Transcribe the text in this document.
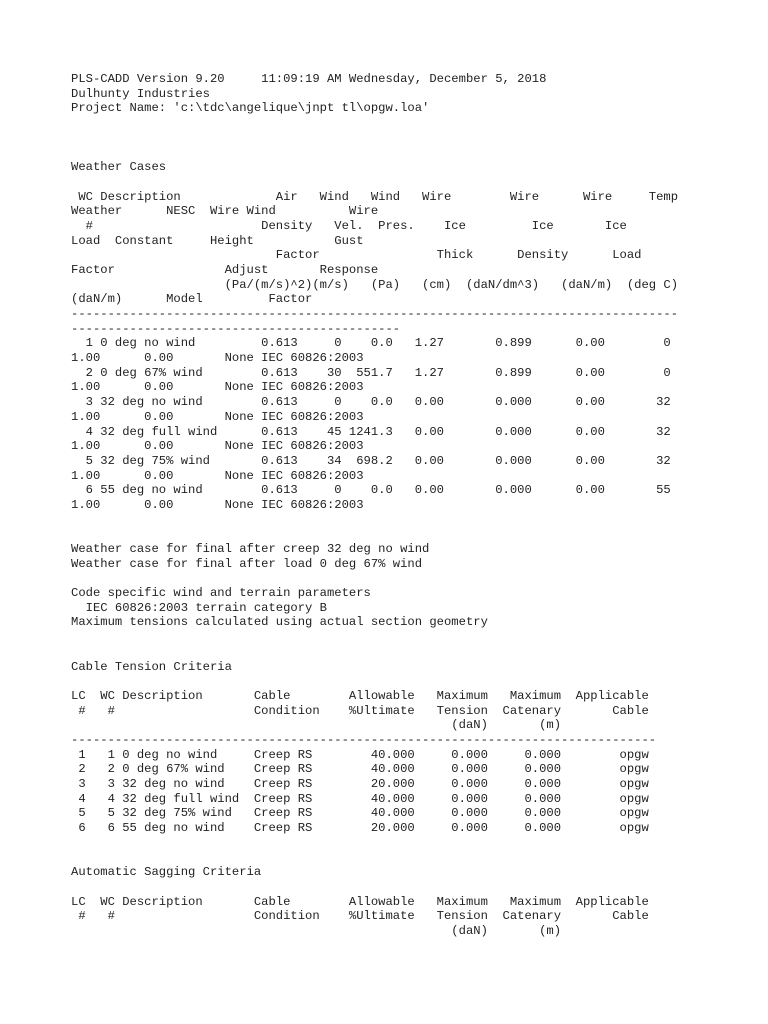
PLS-CADD Version 9.20     11:09:19 AM Wednesday, December 5, 2018
Dulhunty Industries
Project Name: 'c:\tdc\angelique\jnpt tl\opgw.loa'
Weather Cases
WC Description             Air   Wind   Wind   Wire        Wire      Wire     Temp
Weather      NESC  Wire Wind          Wire
#                       Density   Vel.  Pres.    Ice         Ice       Ice
Load  Constant     Height           Gust
Factor                Thick      Density      Load
Factor               Adjust       Response
(Pa/(m/s)^2)(m/s)   (Pa)   (cm)  (daN/dm^3)   (daN/m)  (deg C)
(daN/m)      Model         Factor
-----------------------------------------------------------------------------------
---------------------------------------------
1 0 deg no wind         0.613     0    0.0   1.27       0.899      0.00        0
1.00      0.00       None IEC 60826:2003
2 0 deg 67% wind        0.613    30  551.7   1.27       0.899      0.00        0
1.00      0.00       None IEC 60826:2003
3 32 deg no wind        0.613     0    0.0   0.00       0.000      0.00       32
1.00      0.00       None IEC 60826:2003
4 32 deg full wind      0.613    45 1241.3   0.00       0.000      0.00       32
1.00      0.00       None IEC 60826:2003
5 32 deg 75% wind       0.613    34  698.2   0.00       0.000      0.00       32
1.00      0.00       None IEC 60826:2003
6 55 deg no wind        0.613     0    0.0   0.00       0.000      0.00       55
1.00      0.00       None IEC 60826:2003
Weather case for final after creep 32 deg no wind
Weather case for final after load 0 deg 67% wind
Code specific wind and terrain parameters
IEC 60826:2003 terrain category B
Maximum tensions calculated using actual section geometry
Cable Tension Criteria
LC  WC Description       Cable        Allowable   Maximum   Maximum  Applicable
#   #                   Condition    %Ultimate   Tension  Catenary       Cable
(daN)       (m)
--------------------------------------------------------------------------------
1   1 0 deg no wind     Creep RS        40.000     0.000     0.000        opgw
2   2 0 deg 67% wind    Creep RS        40.000     0.000     0.000        opgw
3   3 32 deg no wind    Creep RS        20.000     0.000     0.000        opgw
4   4 32 deg full wind  Creep RS        40.000     0.000     0.000        opgw
5   5 32 deg 75% wind   Creep RS        40.000     0.000     0.000        opgw
6   6 55 deg no wind    Creep RS        20.000     0.000     0.000        opgw
Automatic Sagging Criteria
LC  WC Description       Cable        Allowable   Maximum   Maximum  Applicable
#   #                   Condition    %Ultimate   Tension  Catenary       Cable
(daN)       (m)
